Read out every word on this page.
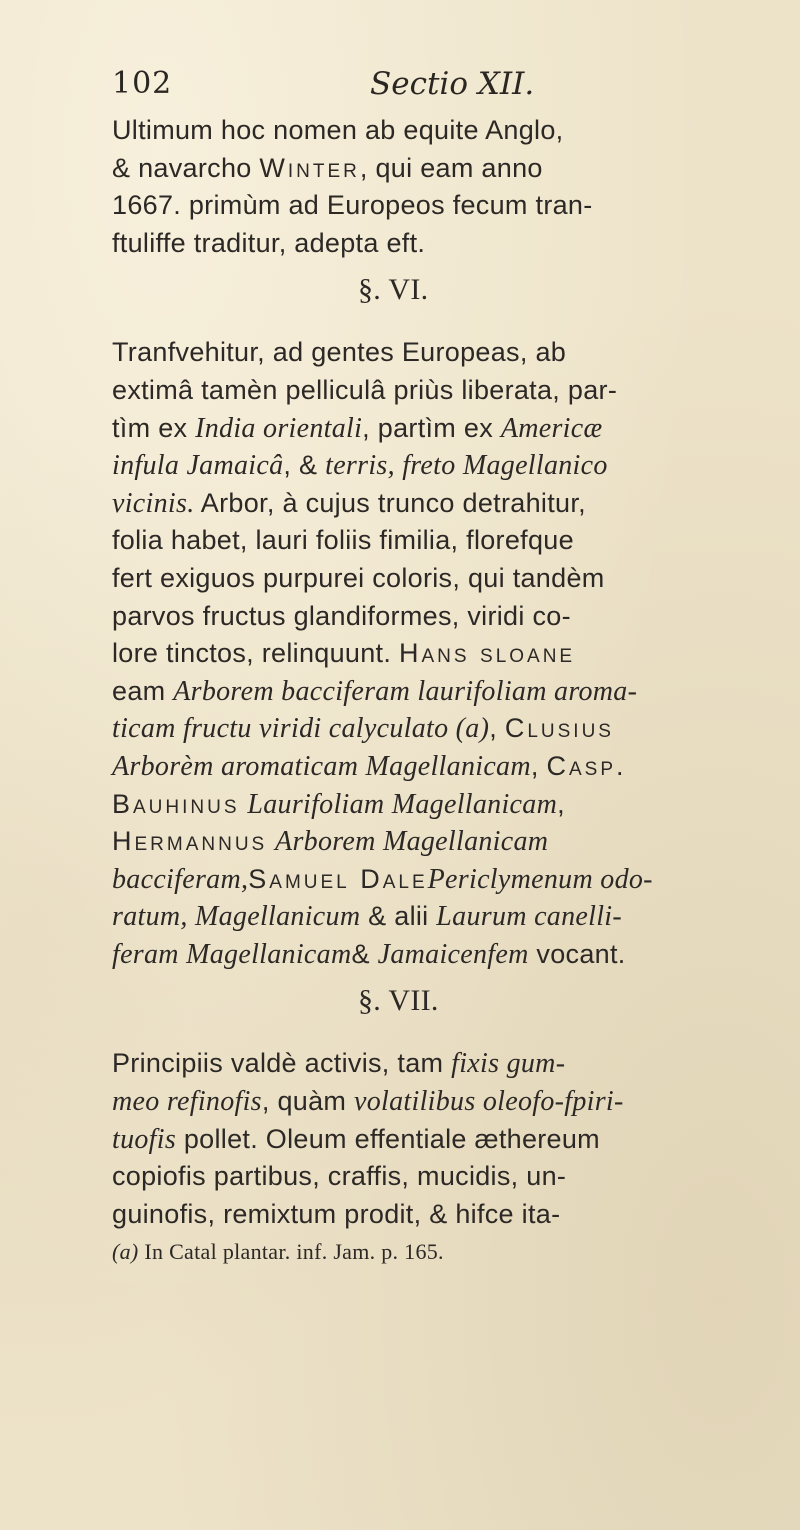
102	Sectio XII.
Ultimum hoc nomen ab equite Anglo,
& navarcho Winter, qui eam anno
1667. primùm ad Europeos fecum tran-
ftuliffe traditur, adepta eft.
§. VI.
Tranfvehitur, ad gentes Europeas, ab
extimâ tamèn pelliculâ priùs liberata, par-
tìm ex India orientali, partìm ex Americæ
infula Jamaicâ, & terris, freto Magellanico
vicinis. Arbor, à cujus trunco detrahitur,
folia habet, lauri foliis fimilia, florefque
fert exiguos purpurei coloris, qui tandèm
parvos fructus glandiformes, viridi co-
lore tinctos, relinquunt. Hans sloane
eam Arborem bacciferam laurifoliam aroma-
ticam fructu viridi calyculato (a), Clusius
Arborèm aromaticam Magellanicam, Casp.
Bauhinus Laurifoliam Magellanicam,
Hermannus Arborem Magellanicam
bacciferam,Samuel DalePericlymenum odo-
ratum, Magellanicum & alii Laurum canelli-
feram Magellanicam& Jamaicenfem vocant.
§. VII.
Principiis valdè activis, tam fixis gum-
meo refinofis, quàm volatilibus oleofo-fpiri-
tuofis pollet. Oleum effentiale æthereum
copiofis partibus, craffis, mucidis, un-
guinofis, remixtum prodit, & hifce ita-
(a) In Catal plantar. inf. Jam. p. 165.
